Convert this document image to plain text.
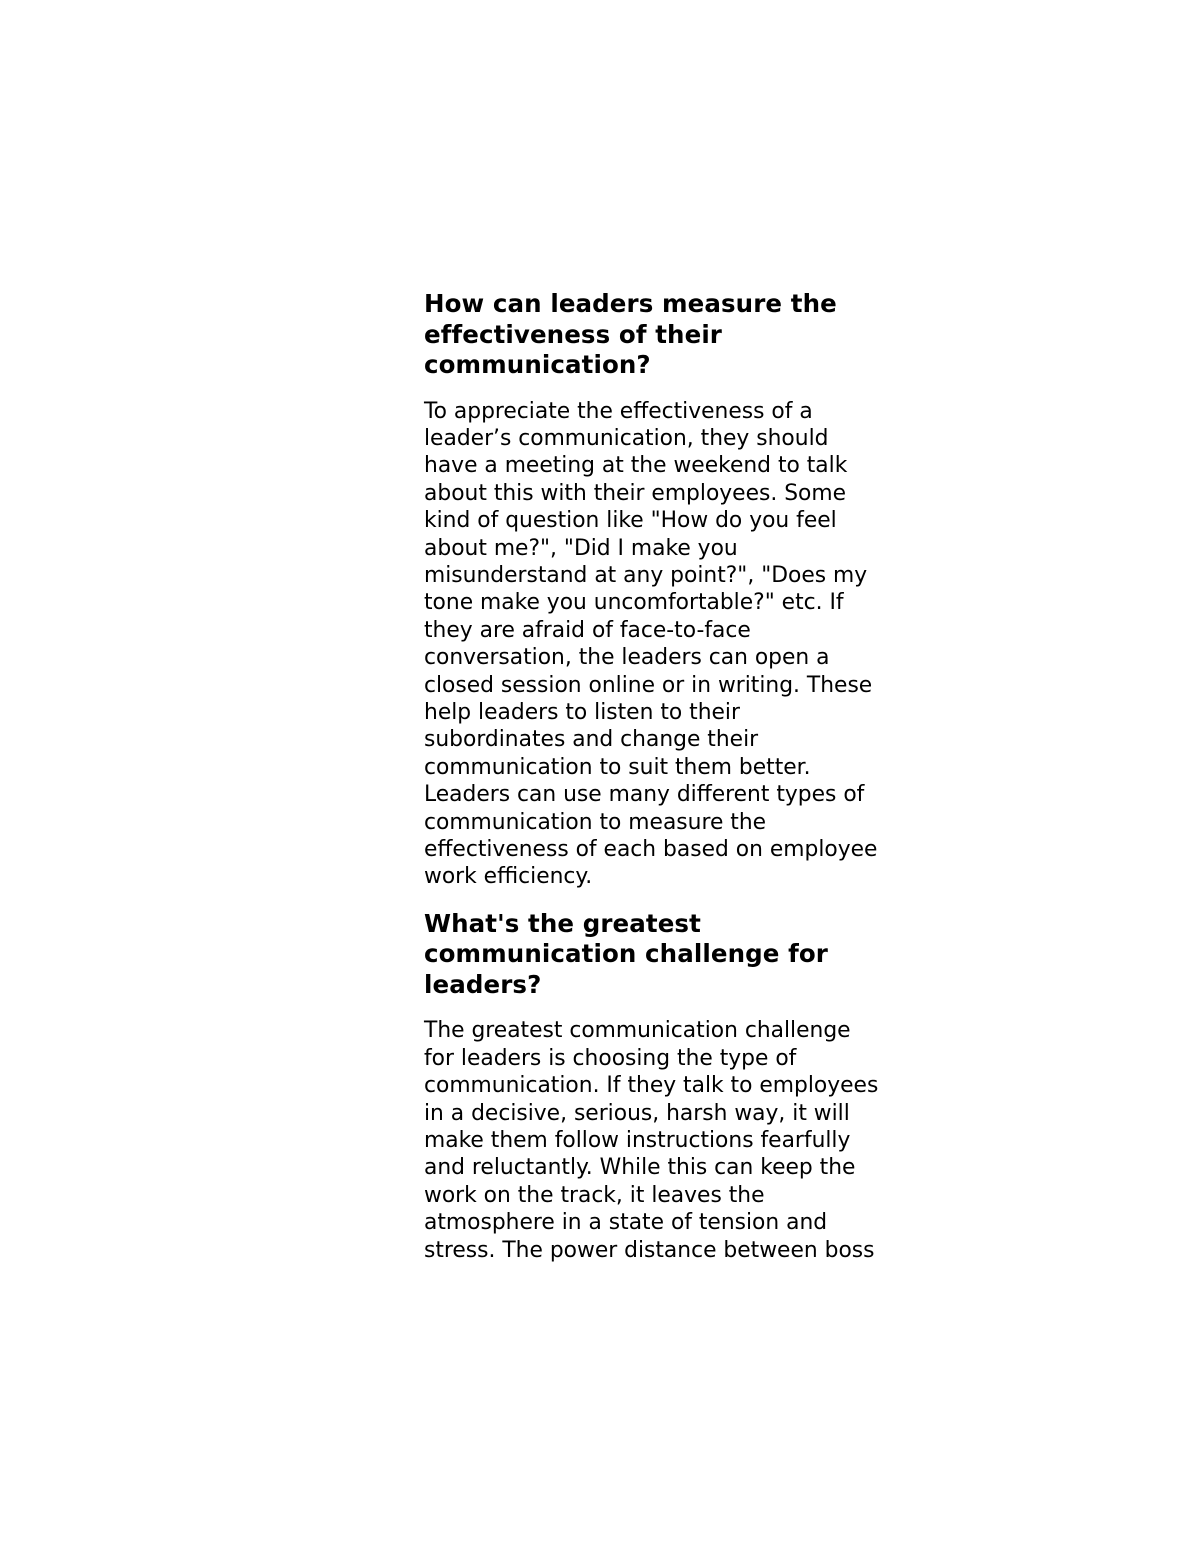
How can leaders measure the
effectiveness of their
communication?

To appreciate the effectiveness of a
leader’s communication, they should
have a meeting at the weekend to talk
about this with their employees. Some
kind of question like "How do you feel
about me?", "Did I make you
misunderstand at any point?", "Does my
tone make you uncomfortable?" etc. If
they are afraid of face-to-face
conversation, the leaders can open a
closed session online or in writing. These
help leaders to listen to their
subordinates and change their
communication to suit them better.
Leaders can use many different types of
communication to measure the
effectiveness of each based on employee
work efficiency.

What's the greatest
communication challenge for
leaders?

The greatest communication challenge
for leaders is choosing the type of
communication. If they talk to employees
in a decisive, serious, harsh way, it will
make them follow instructions fearfully
and reluctantly. While this can keep the
work on the track, it leaves the
atmosphere in a state of tension and
stress. The power distance between boss
